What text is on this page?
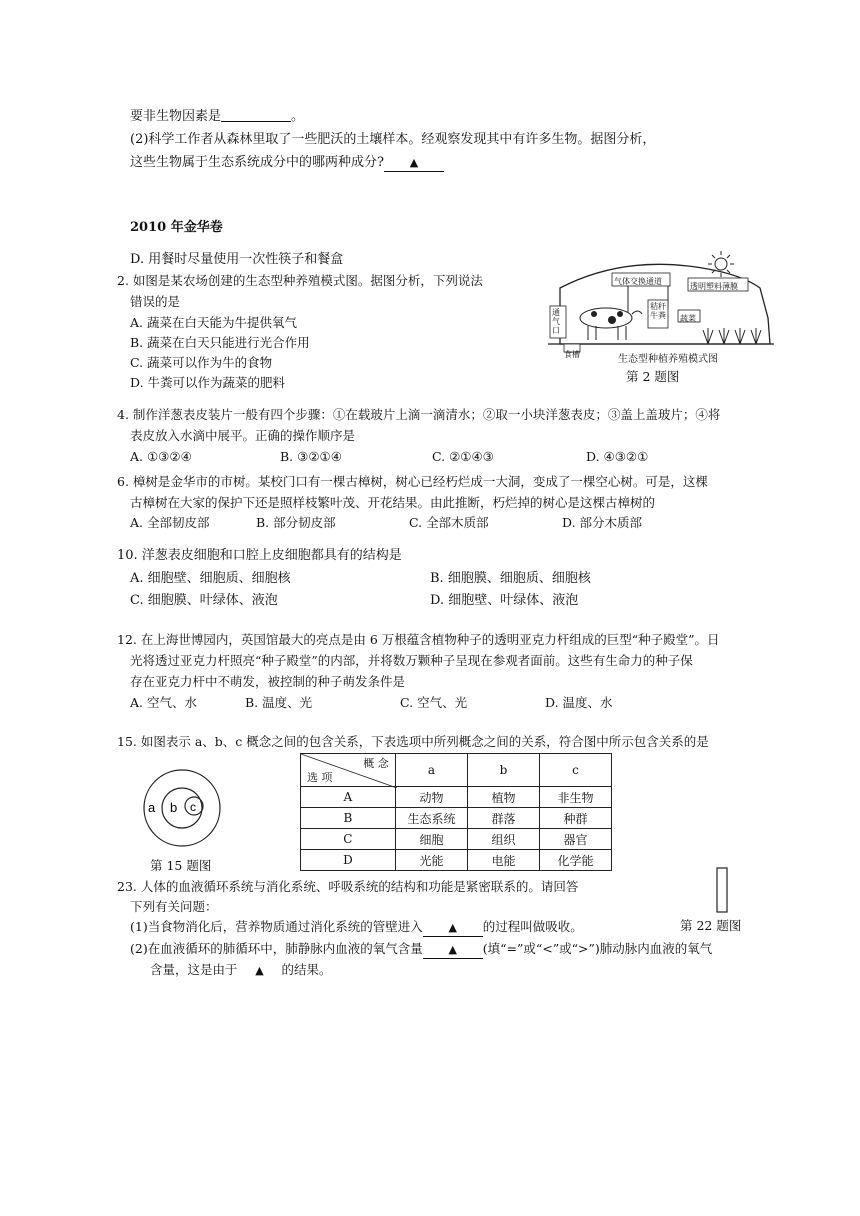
要非生物因素是	。
(2)科学工作者从森林里取了一些肥沃的土壤样本。经观察发现其中有许多生物。据图分析，
这些生物属于生态系统成分中的哪两种成分? ▲
2010 年金华卷
D. 用餐时尽量使用一次性筷子和餐盒
2. 如图是某农场创建的生态型种养殖模式图。据图分析，下列说法
错误的是
A. 蔬菜在白天能为牛提供氧气
B. 蔬菜在白天只能进行光合作用
C. 蔬菜可以作为牛的食物
D. 牛粪可以作为蔬菜的肥料
气体交换通道
透明塑料薄膜
通气口
秸秆牛粪 蔬菜
食槽	生态型种植养殖模式图
第 2 题图
4. 制作洋葱表皮装片一般有四个步骤：①在载玻片上滴一滴清水；②取一小块洋葱表皮；③盖上盖玻片；④将
表皮放入水滴中展平。正确的操作顺序是
A. ①③②④	B. ③②①④	C. ②①④③	D. ④③②①
6. 樟树是金华市的市树。某校门口有一棵古樟树，树心已经朽烂成一大洞，变成了一棵空心树。可是，这棵
古樟树在大家的保护下还是照样枝繁叶茂、开花结果。由此推断，朽烂掉的树心是这棵古樟树的
A. 全部韧皮部	B. 部分韧皮部	C. 全部木质部	D. 部分木质部
10. 洋葱表皮细胞和口腔上皮细胞都具有的结构是
A. 细胞壁、细胞质、细胞核	B. 细胞膜、细胞质、细胞核
C. 细胞膜、叶绿体、液泡	D. 细胞壁、叶绿体、液泡
12. 在上海世博园内，英国馆最大的亮点是由 6 万根蕴含植物种子的透明亚克力杆组成的巨型“种子殿堂”。日
光将透过亚克力杆照亮“种子殿堂”的内部，并将数万颗种子呈现在参观者面前。这些有生命力的种子保
存在亚克力杆中不萌发，被控制的种子萌发条件是
A. 空气、水	B. 温度、光	C. 空气、光	D. 温度、水
15. 如图表示 a、b、c 概念之间的包含关系，下表选项中所列概念之间的关系，符合图中所示包含关系的是
a b c
第 15 题图
概 念
选 项	a	b	c
A	动物	植物	非生物
B	生态系统	群落	种群
C	细胞	组织	器官
D	光能	电能	化学能
23. 人体的血液循环系统与消化系统、呼吸系统的结构和功能是紧密联系的。请回答
下列有关问题：
(1)当食物消化后，营养物质通过消化系统的管壁进入 ▲ 的过程叫做吸收。
(2)在血液循环的肺循环中，肺静脉内血液的氧气含量 ▲ (填“=”或“<”或“>”)肺动脉内血液的氧气
含量，这是由于 ▲ 的结果。
第 22 题图
